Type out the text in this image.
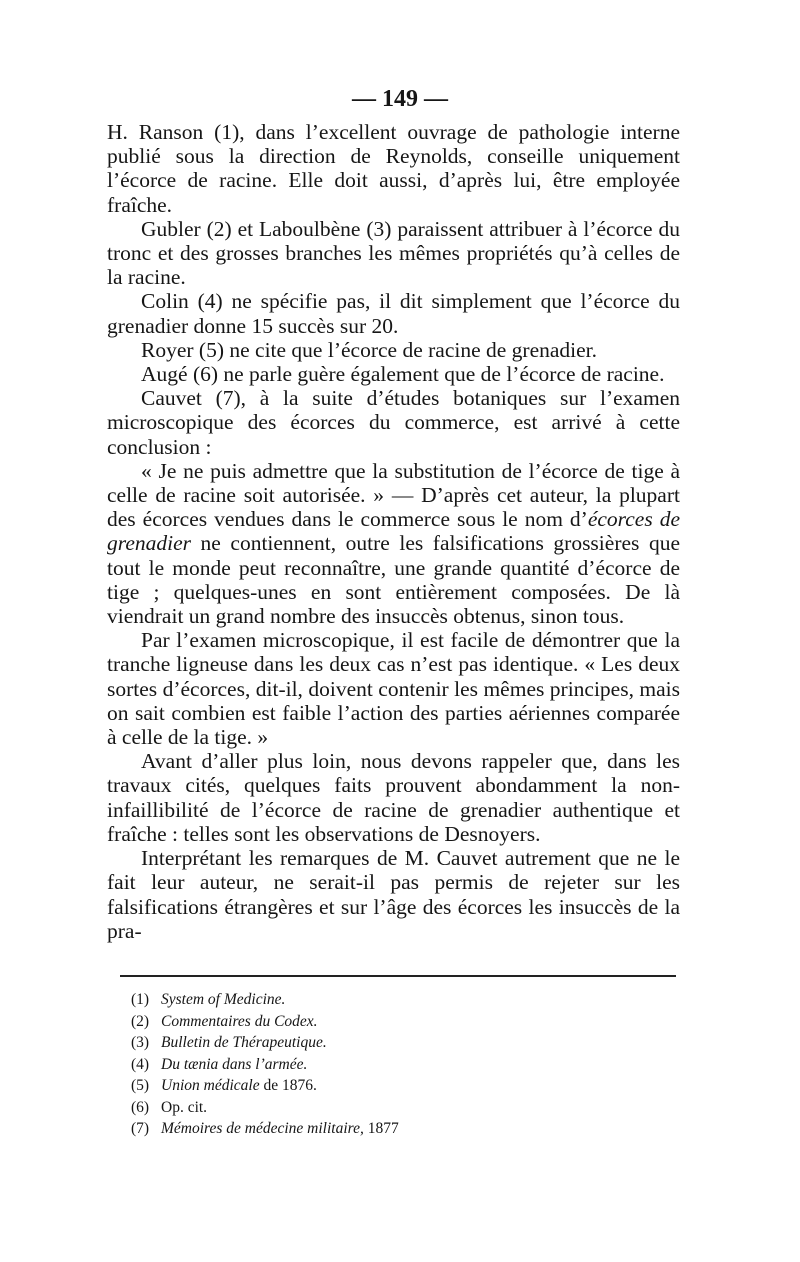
— 149 —

H. Ranson (1), dans l’excellent ouvrage de pathologie interne publié sous la direction de Reynolds, conseille uniquement l’écorce de racine. Elle doit aussi, d’après lui, être employée fraîche.

Gubler (2) et Laboulbène (3) paraissent attribuer à l’écorce du tronc et des grosses branches les mêmes propriétés qu’à celles de la racine.

Colin (4) ne spécifie pas, il dit simplement que l’écorce du grenadier donne 15 succès sur 20.

Royer (5) ne cite que l’écorce de racine de grenadier.

Augé (6) ne parle guère également que de l’écorce de racine.

Cauvet (7), à la suite d’études botaniques sur l’examen microscopique des écorces du commerce, est arrivé à cette conclusion :

« Je ne puis admettre que la substitution de l’écorce de tige à celle de racine soit autorisée. » — D’après cet auteur, la plupart des écorces vendues dans le commerce sous le nom d’écorces de grenadier ne contiennent, outre les falsifications grossières que tout le monde peut reconnaître, une grande quantité d’écorce de tige ; quelques-unes en sont entièrement composées. De là viendrait un grand nombre des insuccès obtenus, sinon tous.

Par l’examen microscopique, il est facile de démontrer que la tranche ligneuse dans les deux cas n’est pas identique. « Les deux sortes d’écorces, dit-il, doivent contenir les mêmes principes, mais on sait combien est faible l’action des parties aériennes comparée à celle de la tige. »

Avant d’aller plus loin, nous devons rappeler que, dans les travaux cités, quelques faits prouvent abondamment la non-infaillibilité de l’écorce de racine de grenadier authentique et fraîche : telles sont les observations de Desnoyers.

Interprétant les remarques de M. Cauvet autrement que ne le fait leur auteur, ne serait-il pas permis de rejeter sur les falsifications étrangères et sur l’âge des écorces les insuccès de la pra-

(1) System of Medicine.
(2) Commentaires du Codex.
(3) Bulletin de Thérapeutique.
(4) Du tænia dans l’armée.
(5) Union médicale de 1876.
(6) Op. cit.
(7) Mémoires de médecine militaire, 1877
